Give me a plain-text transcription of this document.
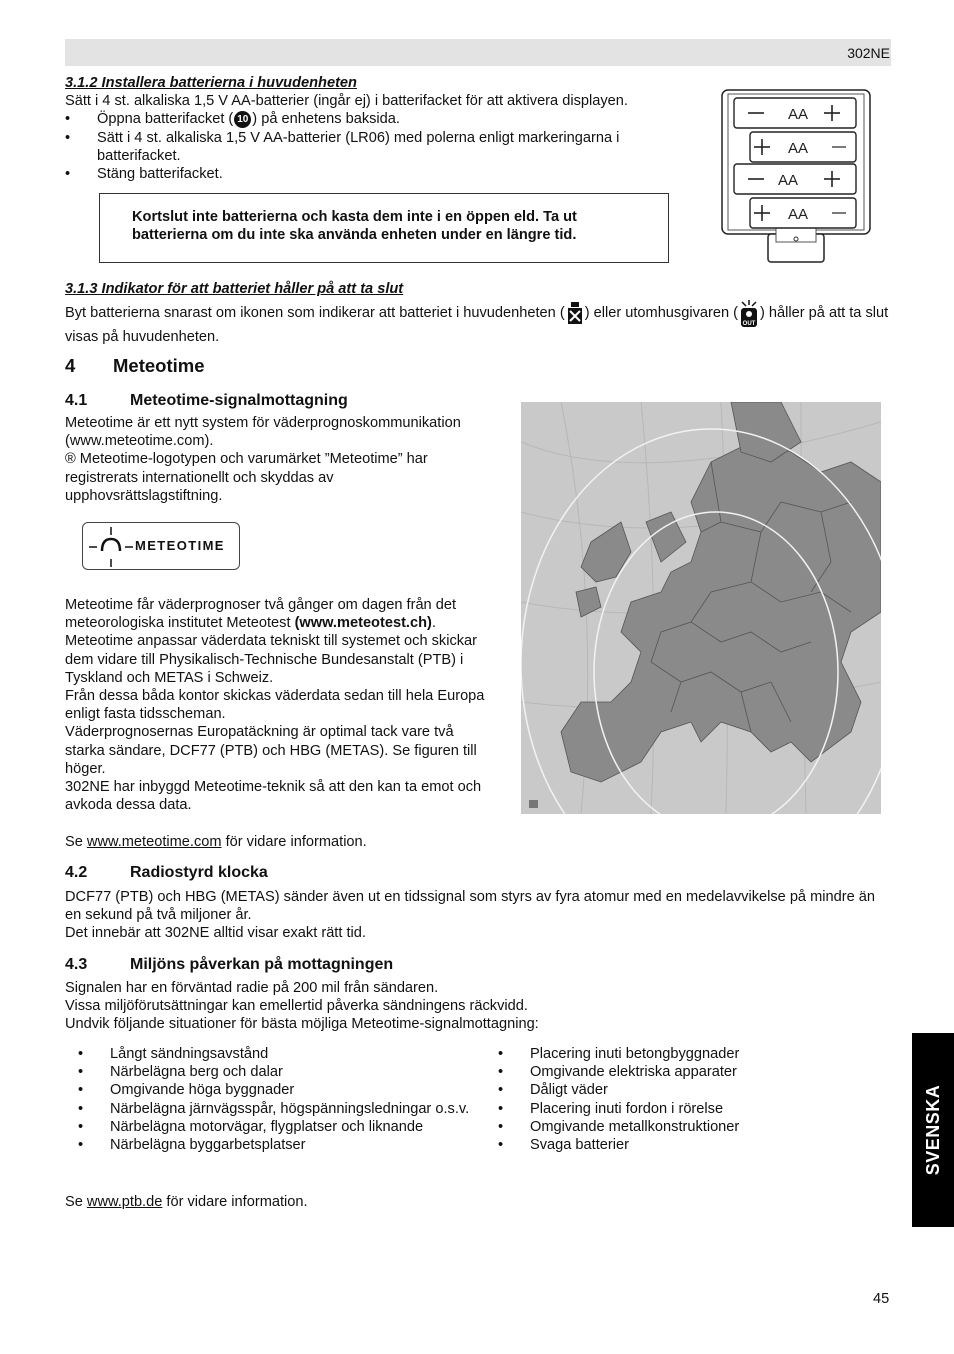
302NE
3.1.2 Installera batterierna i huvudenheten
Sätt i 4 st. alkaliska 1,5 V AA-batterier (ingår ej) i batterifacket för att aktivera displayen.
• Öppna batterifacket ( 10 ) på enhetens baksida.
• Sätt i 4 st. alkaliska 1,5 V AA-batterier (LR06) med polerna enligt markeringarna i batterifacket.
• Stäng batterifacket.
Kortslut inte batterierna och kasta dem inte i en öppen eld. Ta ut batterierna om du inte ska använda enheten under en längre tid.
AA
AA
AA
AA
3.1.3 Indikator för att batteriet håller på att ta slut
Byt batterierna snarast om ikonen som indikerar att batteriet i huvudenheten ( ) eller utomhusgivaren (
OUT
) håller på att ta slut visas på huvudenheten.
4 Meteotime
4.1	Meteotime-signalmottagning
Meteotime är ett nytt system för väderprognoskommunikation (www.meteotime.com).
® Meteotime-logotypen och varumärket ”Meteotime” har registrerats internationellt och skyddas av upphovsrättslagstiftning.
METEOTIME
Meteotime får väderprognoser två gånger om dagen från det meteorologiska institutet Meteotest (www.meteotest.ch).
Meteotime anpassar väderdata tekniskt till systemet och skickar dem vidare till Physikalisch-Technische Bundesanstalt (PTB) i Tyskland och METAS i Schweiz.
Från dessa båda kontor skickas väderdata sedan till hela Europa enligt fasta tidsscheman.
Väderprognosernas Europatäckning är optimal tack vare två starka sändare, DCF77 (PTB) och HBG (METAS). Se figuren till höger.
302NE har inbyggd Meteotime-teknik så att den kan ta emot och avkoda dessa data.
Se www.meteotime.com för vidare information.
4.2	Radiostyrd klocka
DCF77 (PTB) och HBG (METAS) sänder även ut en tidssignal som styrs av fyra atomur med en medelavvikelse på mindre än en sekund på två miljoner år.
Det innebär att 302NE alltid visar exakt rätt tid.
4.3	Miljöns påverkan på mottagningen
Signalen har en förväntad radie på 200 mil från sändaren.
Vissa miljöförutsättningar kan emellertid påverka sändningens räckvidd.
Undvik följande situationer för bästa möjliga Meteotime-signalmottagning:
• Långt sändningsavstånd
• Närbelägna berg och dalar
• Omgivande höga byggnader
• Närbelägna järnvägsspår, högspänningsledningar o.s.v.
• Närbelägna motorvägar, flygplatser och liknande
• Närbelägna byggarbetsplatser
• Placering inuti betongbyggnader
• Omgivande elektriska apparater
• Dåligt väder
• Placering inuti fordon i rörelse
• Omgivande metallkonstruktioner
• Svaga batterier
Se www.ptb.de för vidare information.
SVENSKA
45
